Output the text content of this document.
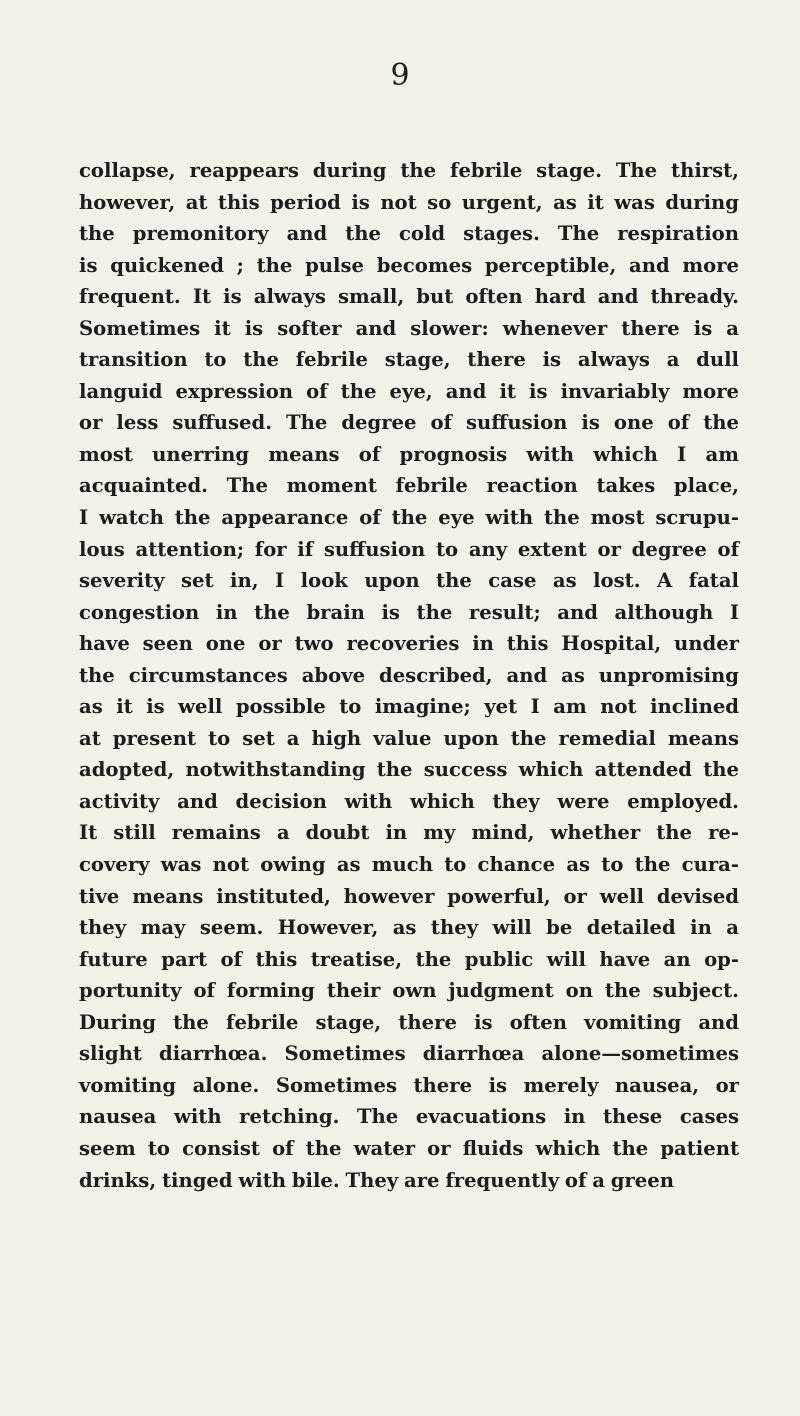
9
collapse, reappears during the febrile stage. The thirst,
however, at this period is not so urgent, as it was during
the premonitory and the cold stages. The respiration
is quickened ; the pulse becomes perceptible, and more
frequent. It is always small, but often hard and thready.
Sometimes it is softer and slower: whenever there is a
transition to the febrile stage, there is always a dull
languid expression of the eye, and it is invariably more
or less suffused. The degree of suffusion is one of the
most unerring means of prognosis with which I am
acquainted. The moment febrile reaction takes place,
I watch the appearance of the eye with the most scrupu-
lous attention; for if suffusion to any extent or degree of
severity set in, I look upon the case as lost. A fatal
congestion in the brain is the result; and although I
have seen one or two recoveries in this Hospital, under
the circumstances above described, and as unpromising
as it is well possible to imagine; yet I am not inclined
at present to set a high value upon the remedial means
adopted, notwithstanding the success which attended the
activity and decision with which they were employed.
It still remains a doubt in my mind, whether the re-
covery was not owing as much to chance as to the cura-
tive means instituted, however powerful, or well devised
they may seem. However, as they will be detailed in a
future part of this treatise, the public will have an op-
portunity of forming their own judgment on the subject.
During the febrile stage, there is often vomiting and
slight diarrhœa. Sometimes diarrhœa alone—sometimes
vomiting alone. Sometimes there is merely nausea, or
nausea with retching. The evacuations in these cases
seem to consist of the water or fluids which the patient
drinks, tinged with bile. They are frequently of a green
